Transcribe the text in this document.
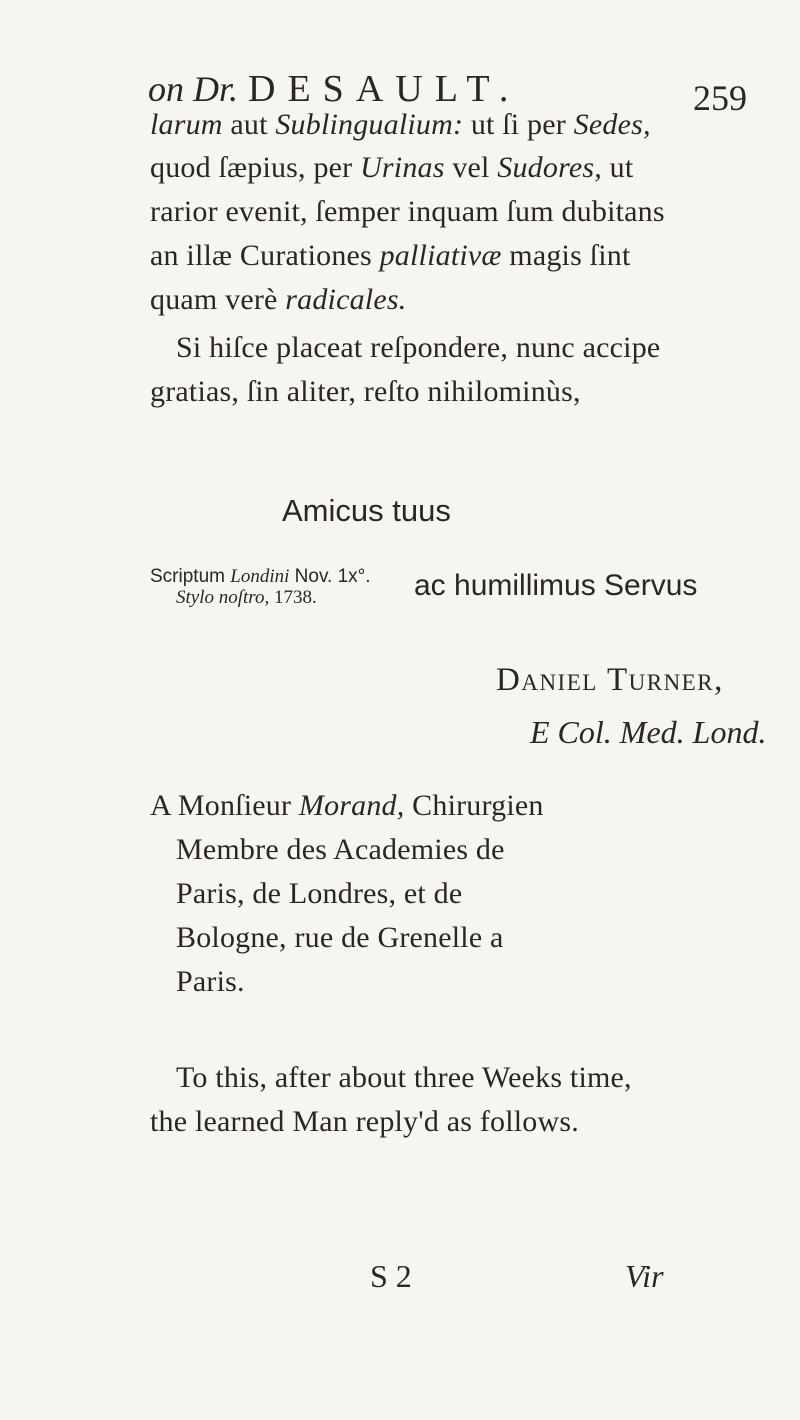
on Dr. DESAULT.	259
larum aut Sublingualium: ut ſi per Sedes,
quod ſæpius, per Urinas vel Sudores, ut
rarior evenit, ſemper inquam ſum dubitans
an illæ Curationes palliativæ magis ſint
quam verè radicales.
Si hiſce placeat reſpondere, nunc accipe
gratias, ſin aliter, reſto nihilominùs,
Amicus tuus
Scriptum Londini Nov. 1x°.
Stylo noſtro, 1738.	ac humillimus Servus
Daniel Turner,
E Col. Med. Lond.
A Monſieur Morand, Chirurgien
Membre des Academies de
Paris, de Londres, et de
Bologne, rue de Grenelle a
Paris.
To this, after about three Weeks time,
the learned Man reply'd as follows.
S 2	Vir
